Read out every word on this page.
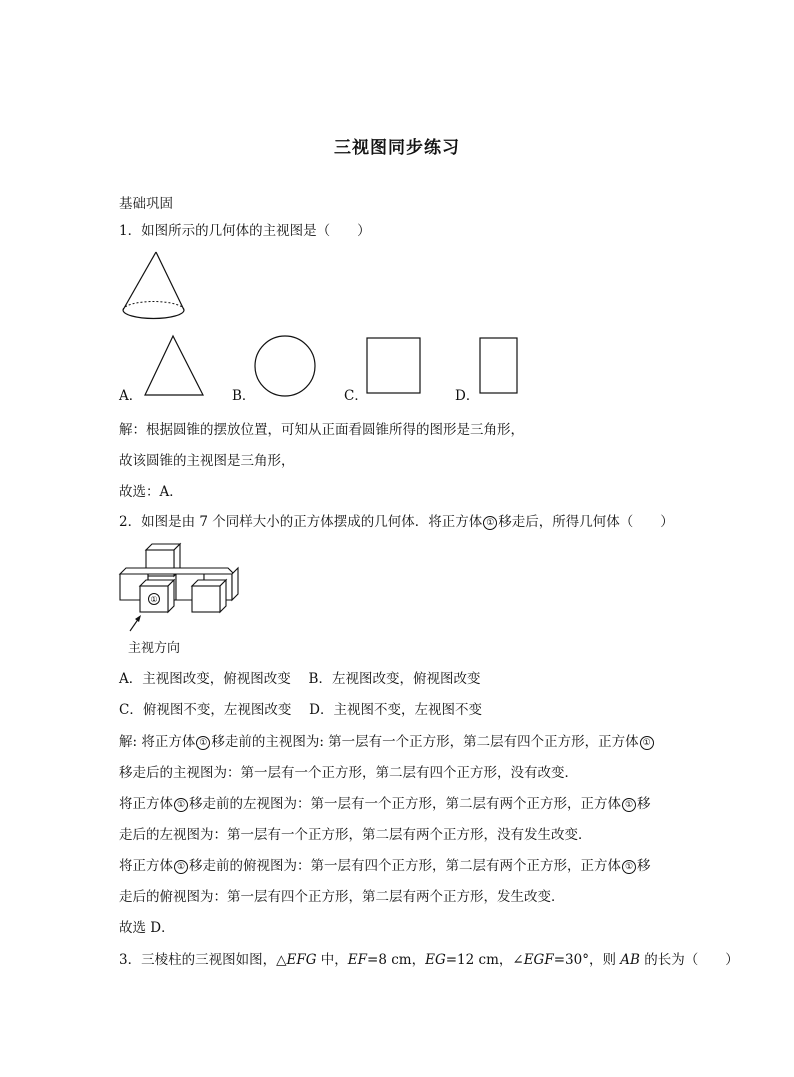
三视图同步练习
基础巩固
1．如图所示的几何体的主视图是（　　）
A．	B．	C．	D．
解：根据圆锥的摆放位置，可知从正面看圆锥所得的图形是三角形，
故该圆锥的主视图是三角形，
故选：A．
2．如图是由 7 个同样大小的正方体摆成的几何体．将正方体 ① 移走后，所得几何体（　　）
①
主视方向
A．主视图改变，俯视图改变　 B．左视图改变，俯视图改变
C．俯视图不变，左视图改变　 D．主视图不变，左视图不变
解: 将正方体 ① 移走前的主视图为: 第一层有一个正方形，第二层有四个正方形，正方体 ①
移走后的主视图为：第一层有一个正方形，第二层有四个正方形，没有改变．
将正方体 ① 移走前的左视图为：第一层有一个正方形，第二层有两个正方形，正方体 ① 移
走后的左视图为：第一层有一个正方形，第二层有两个正方形，没有发生改变．
将正方体 ① 移走前的俯视图为：第一层有四个正方形，第二层有两个正方形，正方体 ① 移
走后的俯视图为：第一层有四个正方形，第二层有两个正方形，发生改变．
故选 D．
3．三棱柱的三视图如图，△EFG 中，EF=8 cm，EG=12 cm，∠EGF=30°，则 AB 的长为（　　）
